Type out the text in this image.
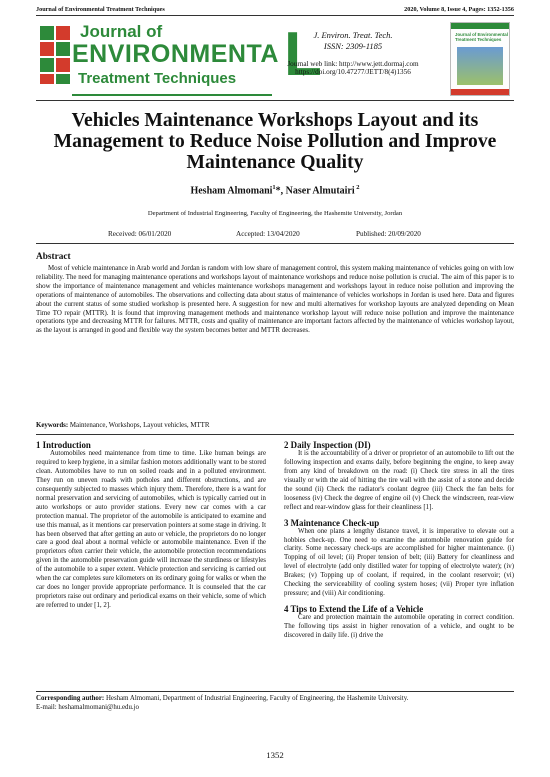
Journal of Environmental Treatment Techniques	2020, Volume 8, Issue 4, Pages: 1352-1356
Journal of
ENVIRONMENTA L
Treatment Techniques
J. Environ. Treat. Tech.
ISSN: 2309-1185
Journal web link: http://www.jett.dormaj.com
https://doi.org/10.47277/JETT/8(4)1356
Journal of Environmental Treatment Techniques
Vehicles Maintenance Workshops Layout and its Management to Reduce Noise Pollution and Improve Maintenance Quality
Hesham Almomani$^1$*, Naser Almutairi $^2$
Department of Industrial Engineering, Faculty of Engineering, the Hashemite University, Jordan
Received: 06/01/2020	Accepted: 13/04/2020	Published: 20/09/2020
Abstract
Most of vehicle maintenance in Arab world and Jordan is random with low share of management control, this system making maintenance of vehicles going on with low reliability. The need for managing maintenance operations and workshops layout of maintenance workshops and reduce noise pollution is crucial. The aim of this paper is to show the importance of maintenance management and vehicles maintenance workshops management and workshops layout in reduce noise pollution and improving the operations of maintenance of automobiles. The observations and collecting data about status of maintenance of vehicles workshops in Jordan is used here. Data and figures about the current status of some studied workshop is presented here. A suggestion for new and multi alternatives for workshop layouts are analyzed depending on Mean Time TO repair (MTTR). It is found that improving management methods and maintenance workshop layout will reduce noise pollution and improve the maintenance operations type and decreasing MTTR for failures. MTTR, costs and quality of maintenance are important factors affected by the maintenance of vehicles workshop layout, as the layout is arranged in good and flexible way the system becomes better and MTTR decreases.
Keywords: Maintenance, Workshops, Layout vehicles, MTTR
1 Introduction
Automobiles need maintenance from time to time. Like human beings are required to keep hygiene, in a similar fashion motors additionally want to be stored clean. Automobiles have to run on soiled roads and in a polluted environment. They run on uneven roads with potholes and different obstructions, and are consequently subjected to masses which injury them. Therefore, there is a want for normal preservation and servicing of automobiles, which is typically carried out in auto workshops or auto provider stations. Every new car comes with a car protection manual. The proprietor of the automobile is anticipated to examine and use this manual, as it mentions car preservation pointers at some stage in driving. It has been observed that after getting an auto or vehicle, the proprietors do no longer care a good deal about a normal vehicle or automobile maintenance. Even if the proprietors often carrier their vehicle, the automobile protection recommendations given in the automobile preservation guide will increase the sturdiness or lifestyles of the automobile to a super extent. Vehicle protection and servicing is carried out when the car completes sure kilometers on its ordinary going for walks or when the car does no longer provide appropriate performance. It is counseled that the car proprietors raise out ordinary and periodical exams on their vehicle, some of which are referred to under [1, 2].
2 Daily Inspection (DI)
It is the accountability of a driver or proprietor of an automobile to lift out the following inspection and exams daily, before beginning the engine, to keep away from any kind of breakdown on the road: (i) Check tire stress in all the tires visually or with the aid of hitting the tire wall with the assist of a stone and decide the sound (ii) Check the radiator's coolant degree (iii) Check the fan belts for looseness (iv) Check the degree of engine oil (v) Check the windscreen, rear-view reflect and rear-window glass for their cleanliness [1].
3 Maintenance Check-up
When one plans a lengthy distance travel, it is imperative to elevate out a hobbies check-up. One need to examine the automobile renovation guide for clarity. Some necessary check-ups are accomplished for higher maintenance. (i) Topping of oil level; (ii) Proper tension of belt; (iii) Battery for cleanliness and level of electrolyte (add only distilled water for topping of electrolyte water); (iv) Brakes; (v) Topping up of coolant, if required, in the coolant reservoir; (vi) Checking the serviceability of cooling system hoses; (vii) Proper tyre inflation pressure; and (viii) Air conditioning.
4 Tips to Extend the Life of a Vehicle
Care and protection maintain the automobile operating in correct condition. The following tips assist in higher renovation of a vehicle, and ought to be discovered in daily life. (i) drive the
Corresponding author: Hesham Almomani, Department of Industrial Engineering, Faculty of Engineering, the Hashemite University.
E-mail: heshamalmomani@hu.edu.jo
1352
